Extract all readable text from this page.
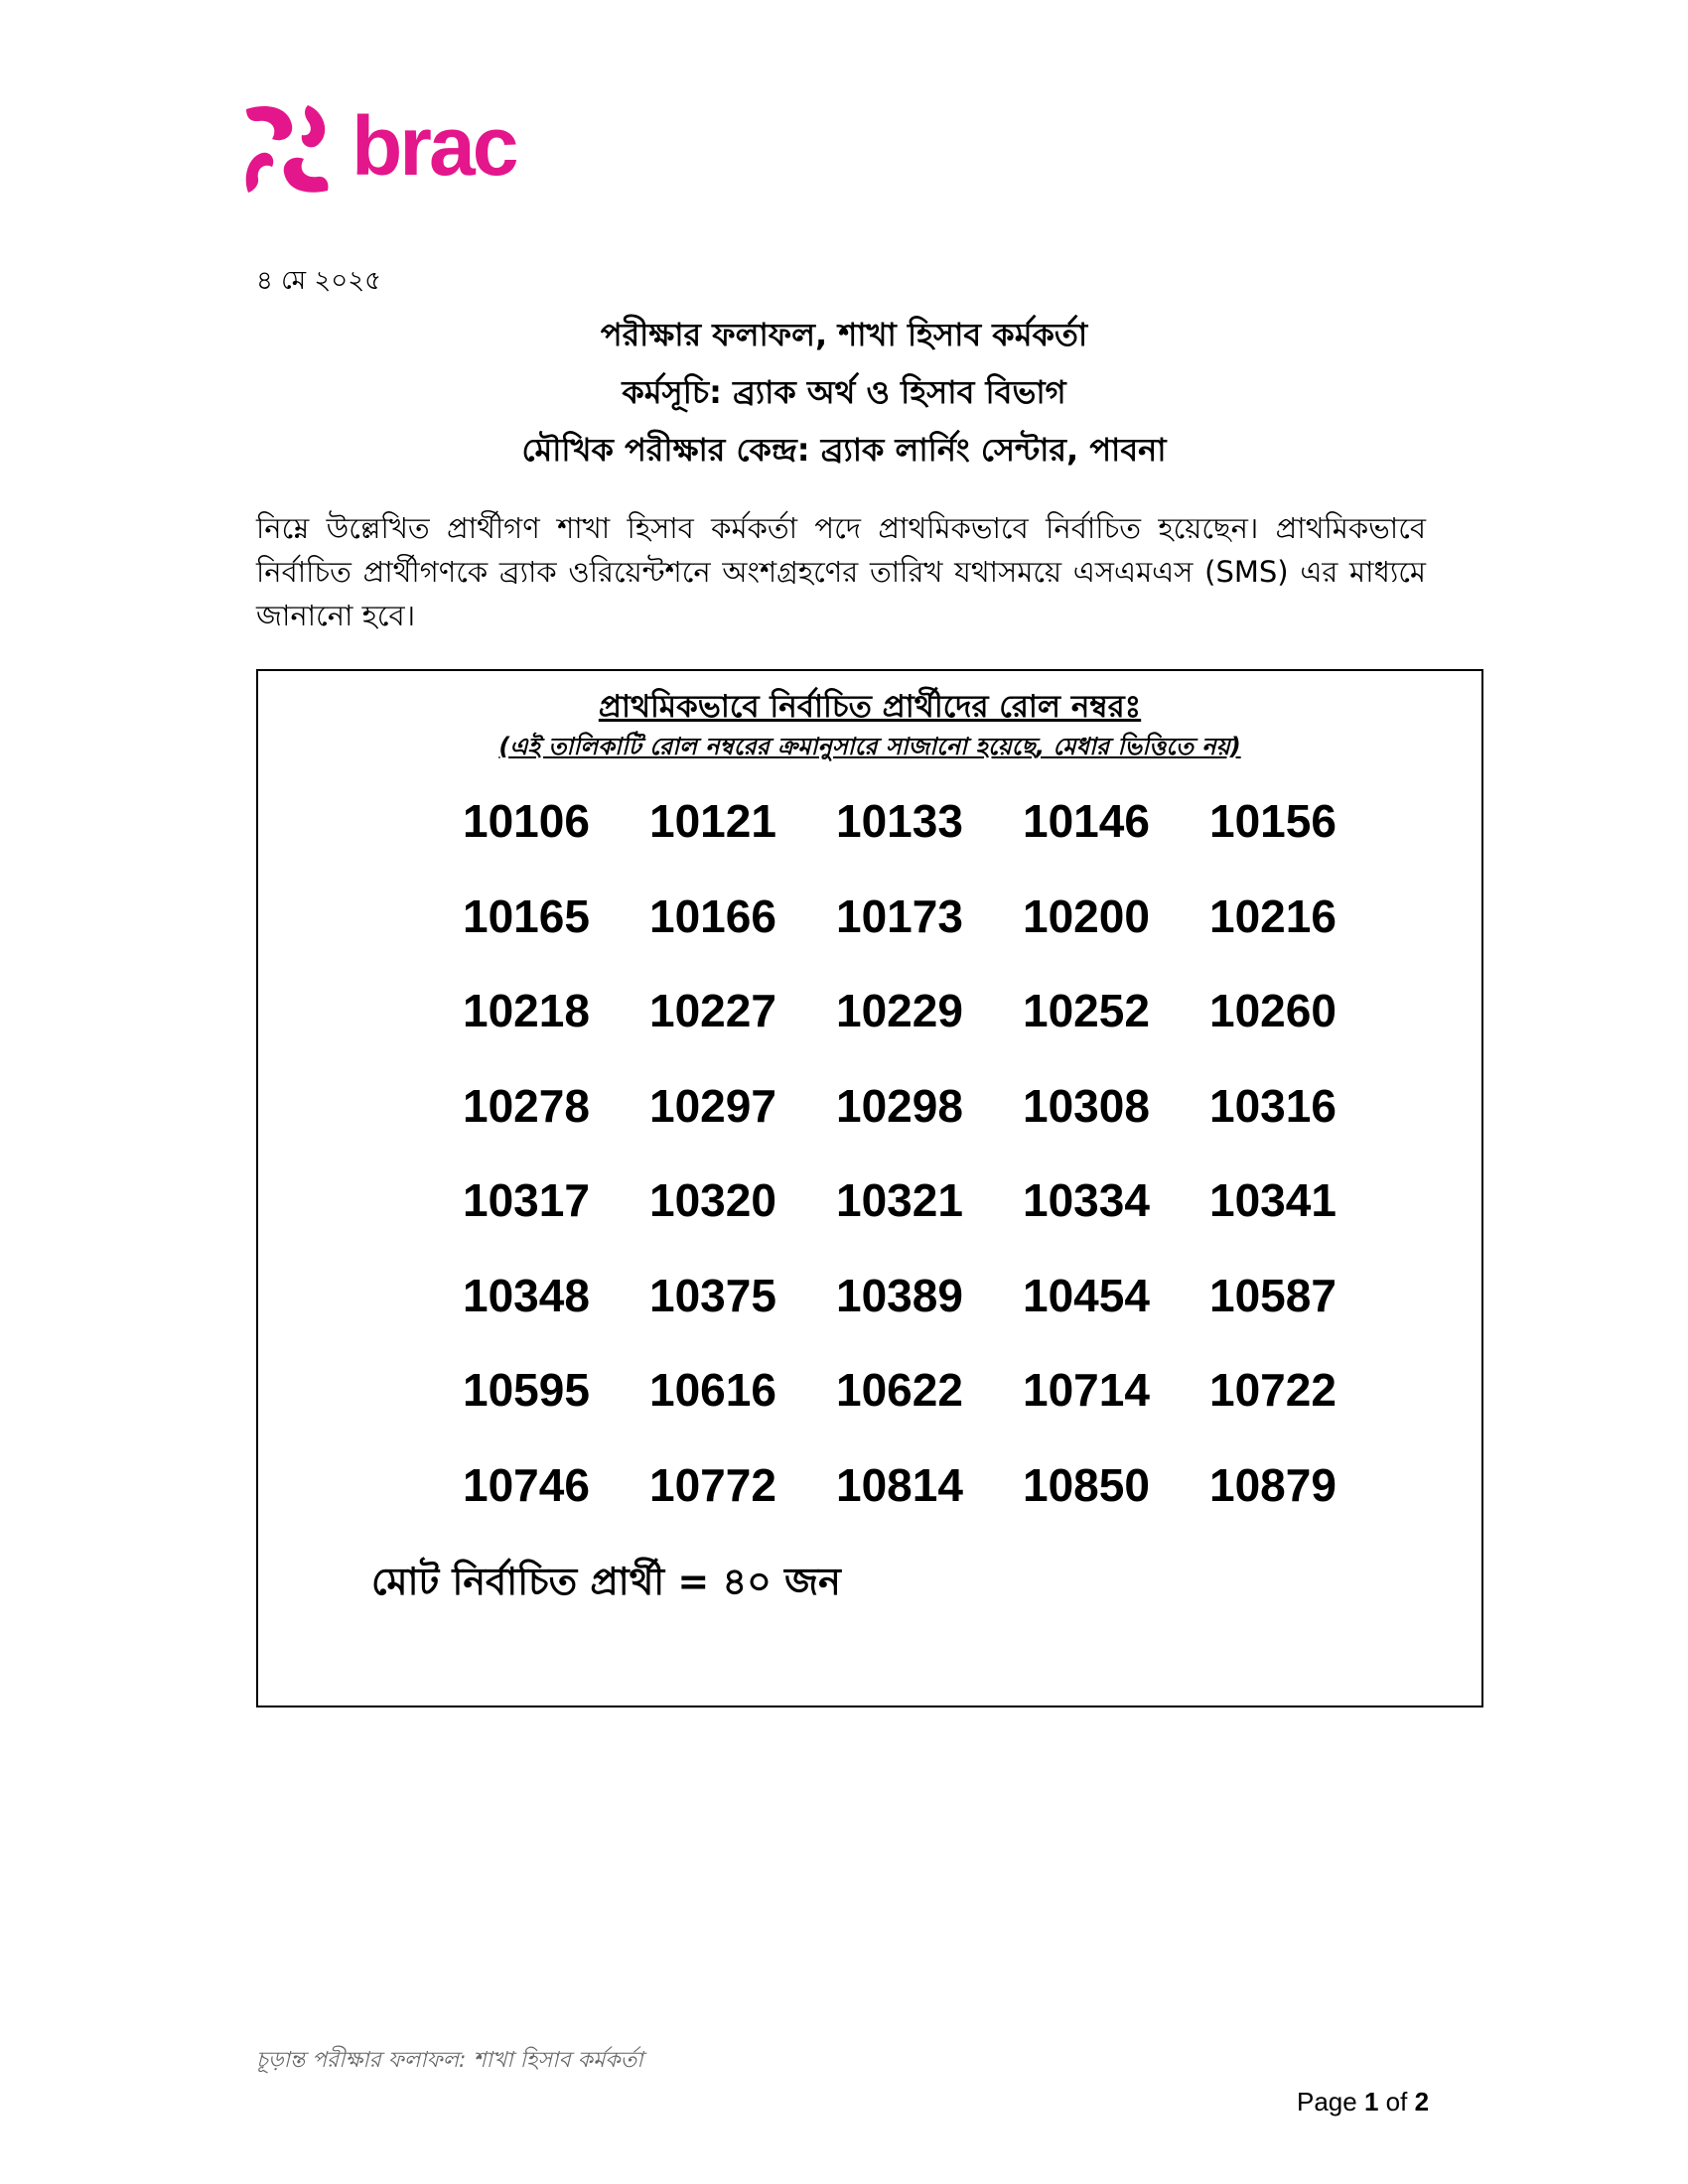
brac
৪ মে ২০২৫
পরীক্ষার ফলাফল, শাখা হিসাব কর্মকর্তা
কর্মসূচি: ব্র্যাক অর্থ ও হিসাব বিভাগ
মৌখিক পরীক্ষার কেন্দ্র: ব্র্যাক লার্নিং সেন্টার, পাবনা
নিম্নে উল্লেখিত প্রার্থীগণ শাখা হিসাব কর্মকর্তা পদে প্রাথমিকভাবে নির্বাচিত হয়েছেন। প্রাথমিকভাবে নির্বাচিত প্রার্থীগণকে ব্র্যাক ওরিয়েন্টশনে অংশগ্রহণের তারিখ যথাসময়ে এসএমএস (SMS) এর মাধ্যমে জানানো হবে।
প্রাথমিকভাবে নির্বাচিত প্রার্থীদের রোল নম্বরঃ
(এই তালিকাটি রোল নম্বরের ক্রমানুসারে সাজানো হয়েছে, মেধার ভিত্তিতে নয়)
10106	10121	10133	10146	10156
10165	10166	10173	10200	10216
10218	10227	10229	10252	10260
10278	10297	10298	10308	10316
10317	10320	10321	10334	10341
10348	10375	10389	10454	10587
10595	10616	10622	10714	10722
10746	10772	10814	10850	10879
মোট নির্বাচিত প্রার্থী = ৪০ জন
চূড়ান্ত পরীক্ষার ফলাফল: শাখা হিসাব কর্মকর্তা
Page 1 of 2
